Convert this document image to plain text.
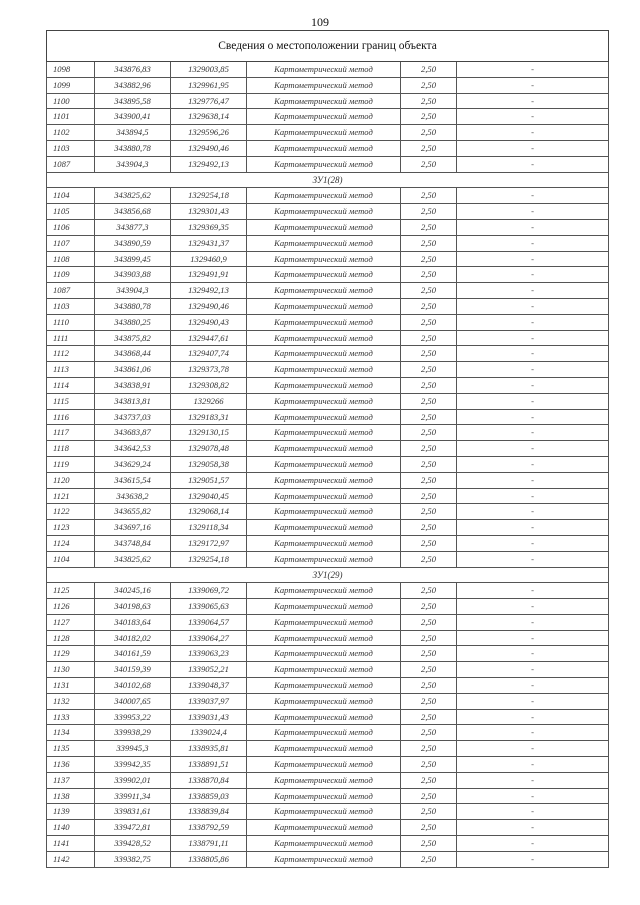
109
Сведения о местоположении границ объекта					
1098	343876,83	1329003,85	Картометрический метод	2,50	-
1099	343882,96	1329961,95	Картометрический метод	2,50	-
1100	343895,58	1329776,47	Картометрический метод	2,50	-
1101	343900,41	1329638,14	Картометрический метод	2,50	-
1102	343894,5	1329596,26	Картометрический метод	2,50	-
1103	343880,78	1329490,46	Картометрический метод	2,50	-
1087	343904,3	1329492,13	Картометрический метод	2,50	-
ЗУ1(28)					
1104	343825,62	1329254,18	Картометрический метод	2,50	-
1105	343856,68	1329301,43	Картометрический метод	2,50	-
1106	343877,3	1329369,35	Картометрический метод	2,50	-
1107	343890,59	1329431,37	Картометрический метод	2,50	-
1108	343899,45	1329460,9	Картометрический метод	2,50	-
1109	343903,88	1329491,91	Картометрический метод	2,50	-
1087	343904,3	1329492,13	Картометрический метод	2,50	-
1103	343880,78	1329490,46	Картометрический метод	2,50	-
1110	343880,25	1329490,43	Картометрический метод	2,50	-
1111	343875,82	1329447,61	Картометрический метод	2,50	-
1112	343868,44	1329407,74	Картометрический метод	2,50	-
1113	343861,06	1329373,78	Картометрический метод	2,50	-
1114	343838,91	1329308,82	Картометрический метод	2,50	-
1115	343813,81	1329266	Картометрический метод	2,50	-
1116	343737,03	1329183,31	Картометрический метод	2,50	-
1117	343683,87	1329130,15	Картометрический метод	2,50	-
1118	343642,53	1329078,48	Картометрический метод	2,50	-
1119	343629,24	1329058,38	Картометрический метод	2,50	-
1120	343615,54	1329051,57	Картометрический метод	2,50	-
1121	343638,2	1329040,45	Картометрический метод	2,50	-
1122	343655,82	1329068,14	Картометрический метод	2,50	-
1123	343697,16	1329118,34	Картометрический метод	2,50	-
1124	343748,84	1329172,97	Картометрический метод	2,50	-
1104	343825,62	1329254,18	Картометрический метод	2,50	-
ЗУ1(29)					
1125	340245,16	1339069,72	Картометрический метод	2,50	-
1126	340198,63	1339065,63	Картометрический метод	2,50	-
1127	340183,64	1339064,57	Картометрический метод	2,50	-
1128	340182,02	1339064,27	Картометрический метод	2,50	-
1129	340161,59	1339063,23	Картометрический метод	2,50	-
1130	340159,39	1339052,21	Картометрический метод	2,50	-
1131	340102,68	1339048,37	Картометрический метод	2,50	-
1132	340007,65	1339037,97	Картометрический метод	2,50	-
1133	339953,22	1339031,43	Картометрический метод	2,50	-
1134	339938,29	1339024,4	Картометрический метод	2,50	-
1135	339945,3	1338935,81	Картометрический метод	2,50	-
1136	339942,35	1338891,51	Картометрический метод	2,50	-
1137	339902,01	1338870,84	Картометрический метод	2,50	-
1138	339911,34	1338859,03	Картометрический метод	2,50	-
1139	339831,61	1338839,84	Картометрический метод	2,50	-
1140	339472,81	1338792,59	Картометрический метод	2,50	-
1141	339428,52	1338791,11	Картометрический метод	2,50	-
1142	339382,75	1338805,86	Картометрический метод	2,50	-
